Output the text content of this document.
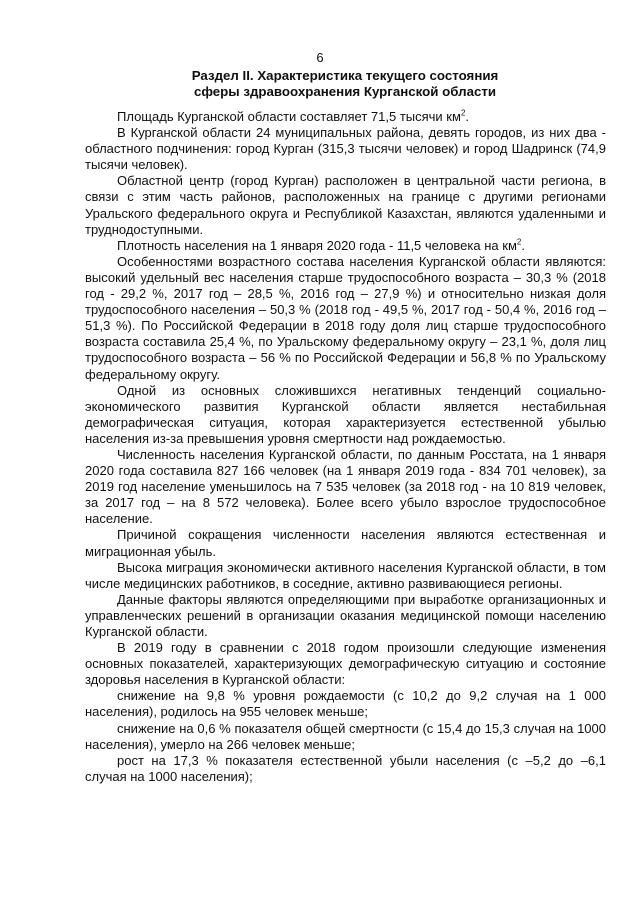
6
Раздел II. Характеристика текущего состояния
сферы здравоохранения Курганской области

Площадь Курганской области составляет 71,5 тысячи $км^2$.

В Курганской области 24 муниципальных района, девять городов, из них два - областного подчинения: город Курган (315,3 тысячи человек) и город Шадринск (74,9 тысячи человек).

Областной центр (город Курган) расположен в центральной части региона, в связи с этим часть районов, расположенных на границе с другими регионами Уральского федерального округа и Республикой Казахстан, являются удаленными и труднодоступными.

Плотность населения на 1 января 2020 года - 11,5 человека на $км^2$.

Особенностями возрастного состава населения Курганской области являются: высокий удельный вес населения старше трудоспособного возраста – 30,3 % (2018 год - 29,2 %, 2017 год – 28,5 %, 2016 год – 27,9 %) и относительно низкая доля трудоспособного населения – 50,3 % (2018 год - 49,5 %, 2017 год - 50,4 %, 2016 год – 51,3 %). По Российской Федерации в 2018 году доля лиц старше трудоспособного возраста составила 25,4 %, по Уральскому федеральному округу – 23,1 %, доля лиц трудоспособного возраста – 56 % по Российской Федерации и 56,8 % по Уральскому федеральному округу.

Одной из основных сложившихся негативных тенденций социально-экономического развития Курганской области является нестабильная демографическая ситуация, которая характеризуется естественной убылью населения из-за превышения уровня смертности над рождаемостью.

Численность населения Курганской области, по данным Росстата, на 1 января 2020 года составила 827 166 человек (на 1 января 2019 года - 834 701 человек), за 2019 год население уменьшилось на 7 535 человек (за 2018 год - на 10 819 человек, за 2017 год – на 8 572 человека). Более всего убыло взрослое трудоспособное население.

Причиной сокращения численности населения являются естественная и миграционная убыль.

Высока миграция экономически активного населения Курганской области, в том числе медицинских работников, в соседние, активно развивающиеся регионы.

Данные факторы являются определяющими при выработке организационных и управленческих решений в организации оказания медицинской помощи населению Курганской области.

В 2019 году в сравнении с 2018 годом произошли следующие изменения основных показателей, характеризующих демографическую ситуацию и состояние здоровья населения в Курганской области:

снижение на 9,8 % уровня рождаемости (с 10,2 до 9,2 случая на 1 000 населения), родилось на 955 человек меньше;

снижение на 0,6 % показателя общей смертности (с 15,4 до 15,3 случая на 1000 населения), умерло на 266 человек меньше;

рост на 17,3 % показателя естественной убыли населения (с –5,2 до –6,1 случая на 1000 населения);
